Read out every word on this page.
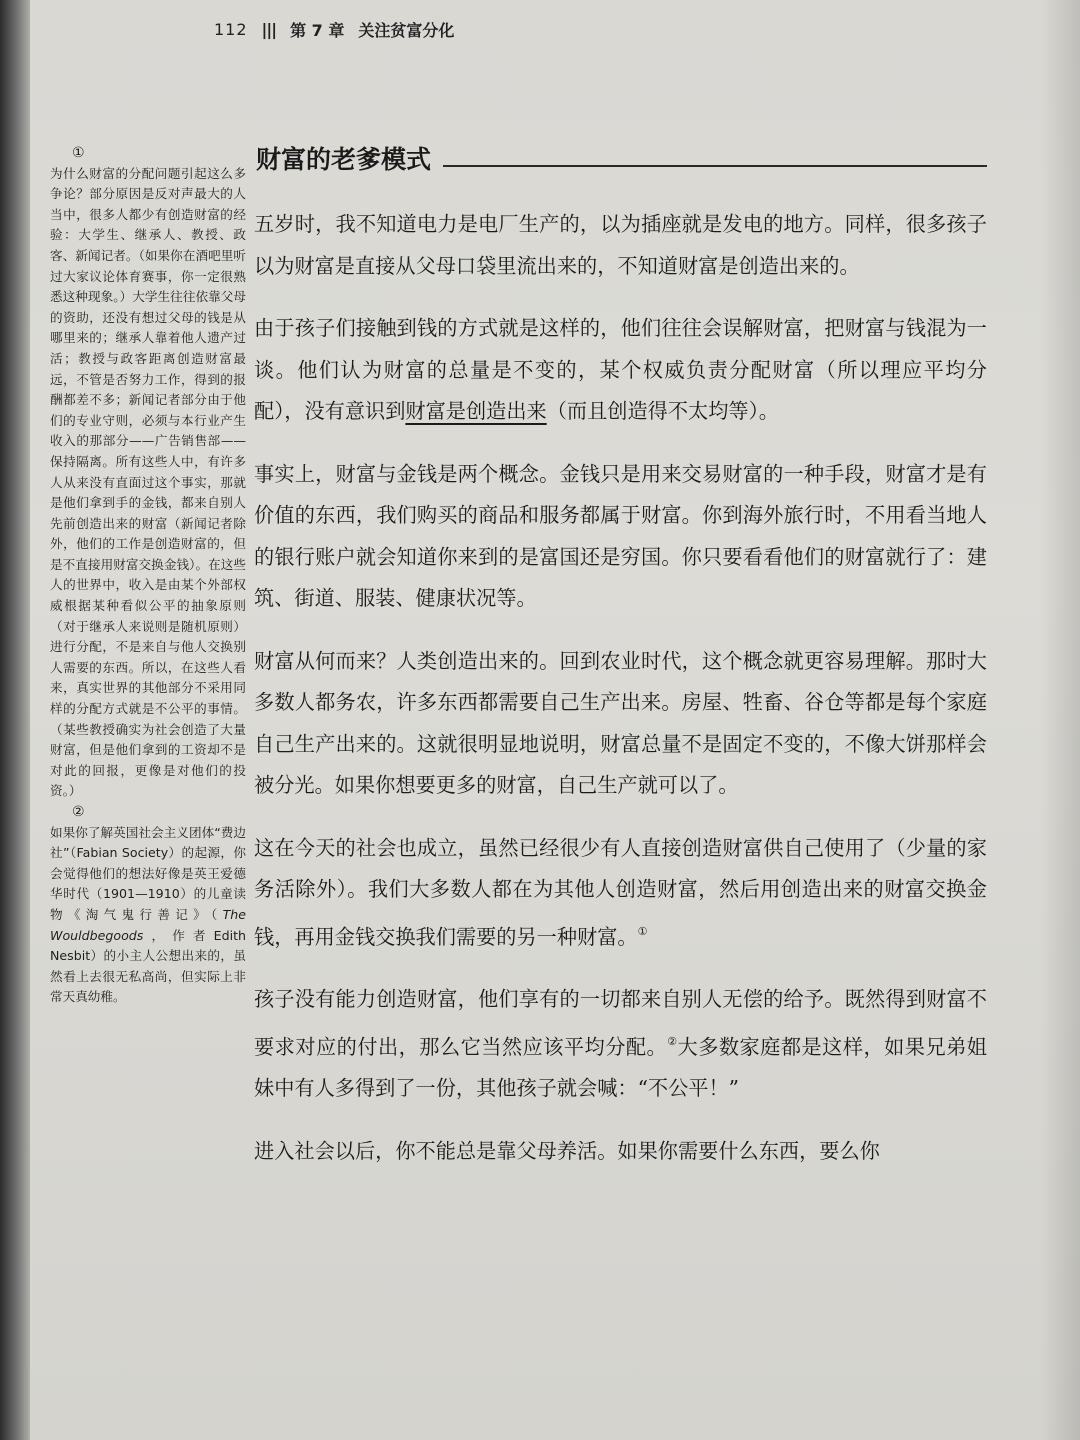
112 ||| 第 7 章 关注贫富分化
①

为什么财富的分配问题引起这么多争论？部分原因是反对声最大的人当中，很多人都少有创造财富的经验：大学生、继承人、教授、政客、新闻记者。（如果你在酒吧里听过大家议论体育赛事，你一定很熟悉这种现象。）大学生往往依靠父母的资助，还没有想过父母的钱是从哪里来的；继承人靠着他人遗产过活；教授与政客距离创造财富最远，不管是否努力工作，得到的报酬都差不多；新闻记者部分由于他们的专业守则，必须与本行业产生收入的那部分——广告销售部——保持隔离。所有这些人中，有许多人从来没有直面过这个事实，那就是他们拿到手的金钱，都来自别人先前创造出来的财富（新闻记者除外，他们的工作是创造财富的，但是不直接用财富交换金钱）。在这些人的世界中，收入是由某个外部权威根据某种看似公平的抽象原则（对于继承人来说则是随机原则）进行分配，不是来自与他人交换别人需要的东西。所以，在这些人看来，真实世界的其他部分不采用同样的分配方式就是不公平的事情。（某些教授确实为社会创造了大量财富，但是他们拿到的工资却不是对此的回报，更像是对他们的投资。）

②

如果你了解英国社会主义团体“费边社”（Fabian Society）的起源，你会觉得他们的想法好像是英王爱德华时代（1901—1910）的儿童读物《淘气鬼行善记》（The Wouldbegoods，作者Edith Nesbit）的小主人公想出来的，虽然看上去很无私高尚，但实际上非常天真幼稚。

财富的老爹模式

五岁时，我不知道电力是电厂生产的，以为插座就是发电的地方。同样，很多孩子以为财富是直接从父母口袋里流出来的，不知道财富是创造出来的。

由于孩子们接触到钱的方式就是这样的，他们往往会误解财富，把财富与钱混为一谈。他们认为财富的总量是不变的，某个权威负责分配财富（所以理应平均分配），没有意识到财富是创造出来（而且创造得不太均等）。

事实上，财富与金钱是两个概念。金钱只是用来交易财富的一种手段，财富才是有价值的东西，我们购买的商品和服务都属于财富。你到海外旅行时，不用看当地人的银行账户就会知道你来到的是富国还是穷国。你只要看看他们的财富就行了：建筑、街道、服装、健康状况等。

财富从何而来？人类创造出来的。回到农业时代，这个概念就更容易理解。那时大多数人都务农，许多东西都需要自己生产出来。房屋、牲畜、谷仓等都是每个家庭自己生产出来的。这就很明显地说明，财富总量不是固定不变的，不像大饼那样会被分光。如果你想要更多的财富，自己生产就可以了。

这在今天的社会也成立，虽然已经很少有人直接创造财富供自己使用了（少量的家务活除外）。我们大多数人都在为其他人创造财富，然后用创造出来的财富交换金钱，再用金钱交换我们需要的另一种财富。①

孩子没有能力创造财富，他们享有的一切都来自别人无偿的给予。既然得到财富不要求对应的付出，那么它当然应该平均分配。②大多数家庭都是这样，如果兄弟姐妹中有人多得到了一份，其他孩子就会喊：“不公平！”

进入社会以后，你不能总是靠父母养活。如果你需要什么东西，要么你
